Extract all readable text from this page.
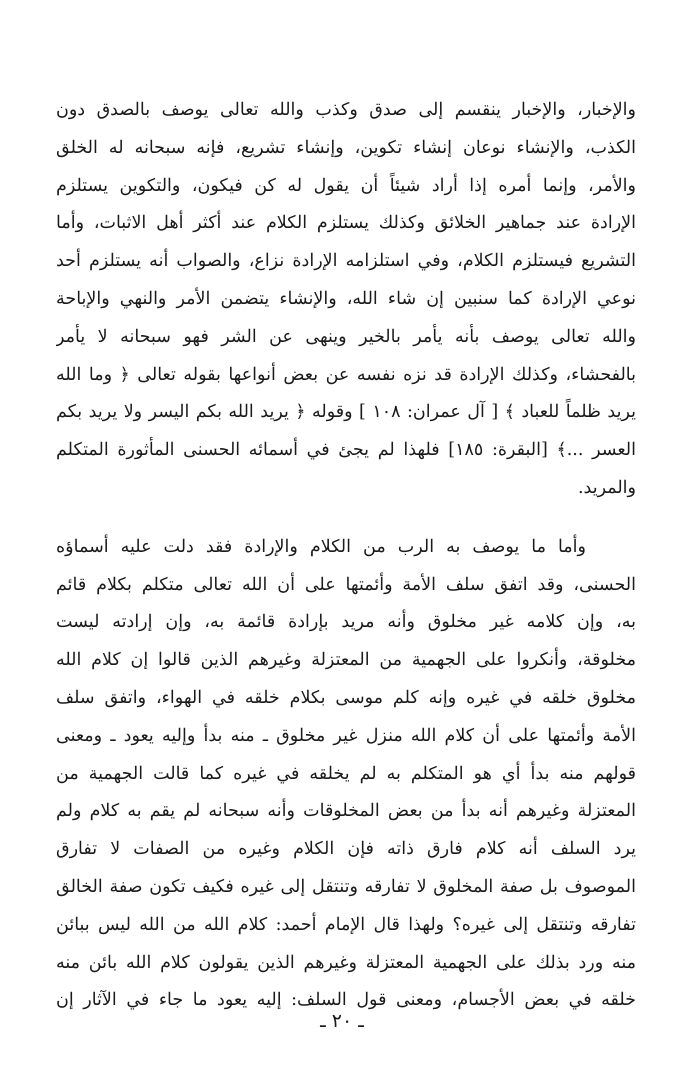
والإخبار، والإخبار ينقسم إلى صدق وكذب والله تعالى يوصف بالصدق دون
الكذب، والإنشاء نوعان إنشاء تكوين، وإنشاء تشريع، فإنه سبحانه له الخلق
والأمر، وإنما أمره إذا أراد شيئاً أن يقول له كن فيكون، والتكوين يستلزم
الإرادة عند جماهير الخلائق وكذلك يستلزم الكلام عند أكثر أهل الاثبات، وأما
التشريع فيستلزم الكلام، وفي استلزامه الإرادة نزاع، والصواب أنه يستلزم أحد
نوعي الإرادة كما سنبين إن شاء الله، والإنشاء يتضمن الأمر والنهي والإباحة
والله تعالى يوصف بأنه يأمر بالخير وينهى عن الشر فهو سبحانه لا يأمر
بالفحشاء، وكذلك الإرادة قد نزه نفسه عن بعض أنواعها بقوله تعالى ﴿ وما الله
يريد ظلماً للعباد ﴾ [ آل عمران: ١٠٨ ] وقوله ﴿ يريد الله بكم اليسر ولا يريد بكم
العسر ...﴾ [البقرة: ١٨٥] فلهذا لم يجئ في أسمائه الحسنى المأثورة المتكلم
والمريد.
وأما ما يوصف به الرب من الكلام والإرادة فقد دلت عليه أسماؤه
الحسنى، وقد اتفق سلف الأمة وأئمتها على أن الله تعالى متكلم بكلام قائم
به، وإن كلامه غير مخلوق وأنه مريد بإرادة قائمة به، وإن إرادته ليست
مخلوقة، وأنكروا على الجهمية من المعتزلة وغيرهم الذين قالوا إن كلام الله
مخلوق خلقه في غيره وإنه كلم موسى بكلام خلقه في الهواء، واتفق سلف
الأمة وأئمتها على أن كلام الله منزل غير مخلوق ـ منه بدأ وإليه يعود ـ ومعنى
قولهم منه بدأ أي هو المتكلم به لم يخلقه في غيره كما قالت الجهمية من
المعتزلة وغيرهم أنه بدأ من بعض المخلوقات وأنه سبحانه لم يقم به كلام ولم
يرد السلف أنه كلام فارق ذاته فإن الكلام وغيره من الصفات لا تفارق
الموصوف بل صفة المخلوق لا تفارقه وتنتقل إلى غيره فكيف تكون صفة الخالق
تفارقه وتنتقل إلى غيره؟ ولهذا قال الإمام أحمد: كلام الله من الله ليس ببائن
منه ورد بذلك على الجهمية المعتزلة وغيرهم الذين يقولون كلام الله بائن منه
خلقه في بعض الأجسام، ومعنى قول السلف: إليه يعود ما جاء في الآثار إن
ـ ٢٠ ـ
